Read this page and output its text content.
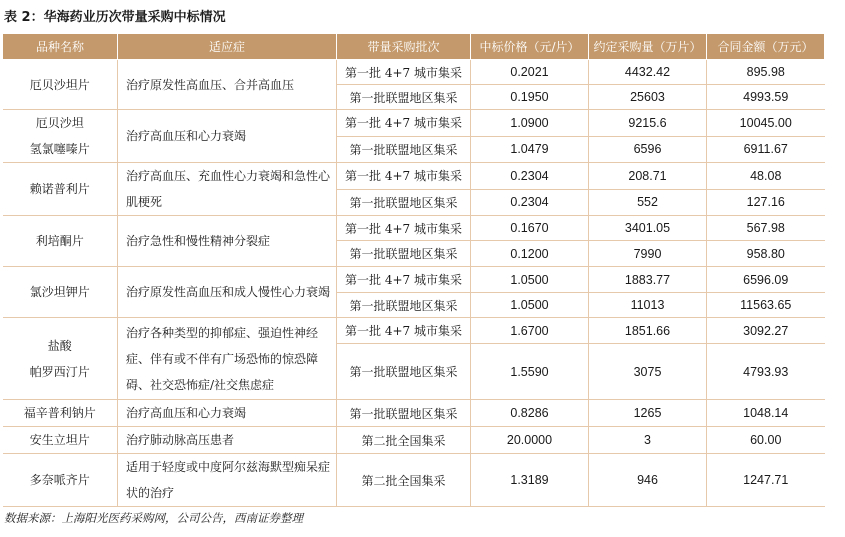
表 2：华海药业历次带量采购中标情况
品种名称	适应症	带量采购批次	中标价格（元/片）	约定采购量（万片）	合同金额（万元）
厄贝沙坦片	治疗原发性高血压、合并高血压	第一批 4+7 城市集采	0.2021	4432.42	895.98
		第一批联盟地区集采	0.1950	25603	4993.59
厄贝沙坦
氢氯噻嗪片	治疗高血压和心力衰竭	第一批 4+7 城市集采	1.0900	9215.6	10045.00
		第一批联盟地区集采	1.0479	6596	6911.67
赖诺普利片	治疗高血压、充血性心力衰竭和急性心肌梗死	第一批 4+7 城市集采	0.2304	208.71	48.08
		第一批联盟地区集采	0.2304	552	127.16
利培酮片	治疗急性和慢性精神分裂症	第一批 4+7 城市集采	0.1670	3401.05	567.98
		第一批联盟地区集采	0.1200	7990	958.80
氯沙坦钾片	治疗原发性高血压和成人慢性心力衰竭	第一批 4+7 城市集采	1.0500	1883.77	6596.09
		第一批联盟地区集采	1.0500	11013	11563.65
盐酸
帕罗西汀片	治疗各种类型的抑郁症、强迫性神经症、伴有或不伴有广场恐怖的惊恐障碍、社交恐怖症/社交焦虑症	第一批 4+7 城市集采	1.6700	1851.66	3092.27
		第一批联盟地区集采	1.5590	3075	4793.93
福辛普利钠片	治疗高血压和心力衰竭	第一批联盟地区集采	0.8286	1265	1048.14
安生立坦片	治疗肺动脉高压患者	第二批全国集采	20.0000	3	60.00
多奈哌齐片	适用于轻度或中度阿尔兹海默型痴呆症状的治疗	第二批全国集采	1.3189	946	1247.71
数据来源：上海阳光医药采购网，公司公告，西南证券整理
